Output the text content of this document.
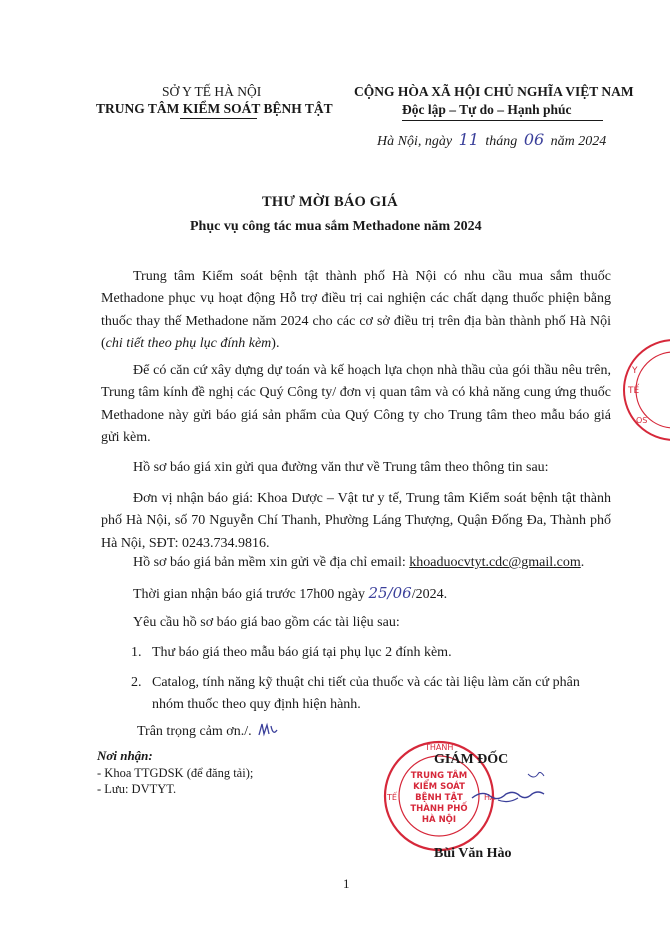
SỞ Y TẾ HÀ NỘI
TRUNG TÂM KIỂM SOÁT BỆNH TẬT
CỘNG HÒA XÃ HỘI CHỦ NGHĨA VIỆT NAM
Độc lập – Tự do – Hạnh phúc
Hà Nội, ngày 11 tháng 06 năm 2024
THƯ MỜI BÁO GIÁ
Phục vụ công tác mua sắm Methadone năm 2024

Trung tâm Kiểm soát bệnh tật thành phố Hà Nội có nhu cầu mua sắm thuốc Methadone phục vụ hoạt động Hỗ trợ điều trị cai nghiện các chất dạng thuốc phiện bằng thuốc thay thế Methadone năm 2024 cho các cơ sở điều trị trên địa bàn thành phố Hà Nội (chi tiết theo phụ lục đính kèm).

Để có căn cứ xây dựng dự toán và kế hoạch lựa chọn nhà thầu của gói thầu nêu trên, Trung tâm kính đề nghị các Quý Công ty/ đơn vị quan tâm và có khả năng cung ứng thuốc Methadone này gửi báo giá sản phẩm của Quý Công ty cho Trung tâm theo mẫu báo giá gửi kèm.

Hồ sơ báo giá xin gửi qua đường văn thư về Trung tâm theo thông tin sau:

Đơn vị nhận báo giá: Khoa Dược – Vật tư y tế, Trung tâm Kiểm soát bệnh tật thành phố Hà Nội, số 70 Nguyễn Chí Thanh, Phường Láng Thượng, Quận Đống Đa, Thành phố Hà Nội, SĐT: 0243.734.9816.

Hồ sơ báo giá bản mềm xin gửi về địa chỉ email: khoaduocvtyt.cdc@gmail.com.
Thời gian nhận báo giá trước 17h00 ngày 25/06/2024.
Yêu cầu hồ sơ báo giá bao gồm các tài liệu sau:
1. Thư báo giá theo mẫu báo giá tại phụ lục 2 đính kèm.
2. Catalog, tính năng kỹ thuật chi tiết của thuốc và các tài liệu làm căn cứ phân
nhóm thuốc theo quy định hiện hành.
Trân trọng cảm ơn./.
Nơi nhận:
- Khoa TTGDSK (để đăng tải);
- Lưu: DVTYT.
Y
TẾ
OS
THÀNH
TẾ	HÀ
TRUNG TÂM
KIỂM SOÁT
BỆNH TẬT
THÀNH PHỐ
HÀ NỘI
GIÁM ĐỐC
Bùi Văn Hào
1
